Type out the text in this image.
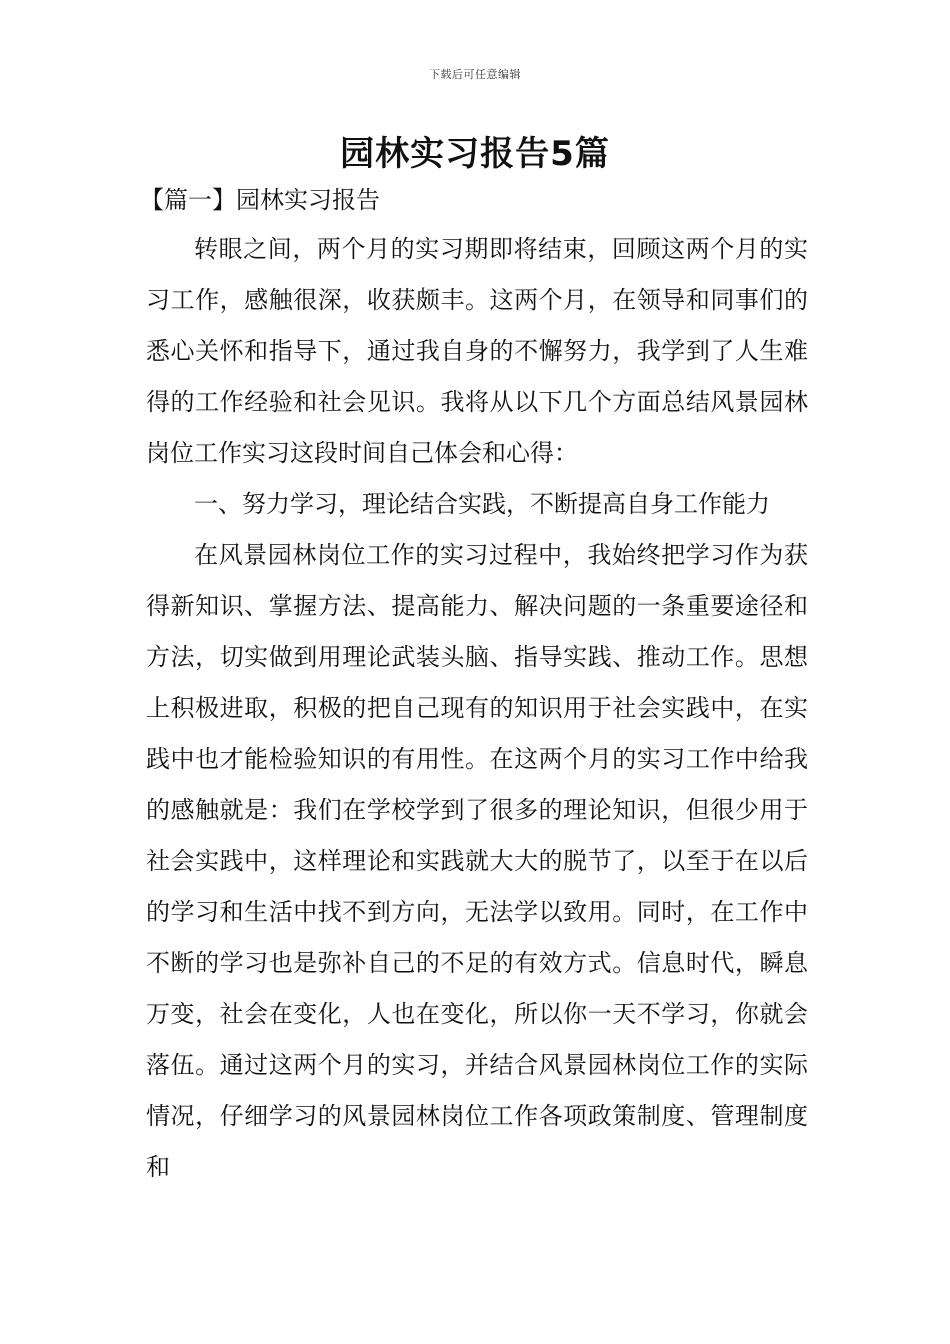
下载后可任意编辑
园林实习报告5篇
【篇一】园林实习报告

转眼之间，两个月的实习期即将结束，回顾这两个月的实习工作，感触很深，收获颇丰。这两个月，在领导和同事们的悉心关怀和指导下，通过我自身的不懈努力，我学到了人生难得的工作经验和社会见识。我将从以下几个方面总结风景园林岗位工作实习这段时间自己体会和心得：

一、努力学习，理论结合实践，不断提高自身工作能力

在风景园林岗位工作的实习过程中，我始终把学习作为获得新知识、掌握方法、提高能力、解决问题的一条重要途径和方法，切实做到用理论武装头脑、指导实践、推动工作。思想上积极进取，积极的把自己现有的知识用于社会实践中，在实践中也才能检验知识的有用性。在这两个月的实习工作中给我的感触就是：我们在学校学到了很多的理论知识，但很少用于社会实践中，这样理论和实践就大大的脱节了，以至于在以后的学习和生活中找不到方向，无法学以致用。同时，在工作中不断的学习也是弥补自己的不足的有效方式。信息时代，瞬息万变，社会在变化，人也在变化，所以你一天不学习，你就会落伍。通过这两个月的实习，并结合风景园林岗位工作的实际情况，仔细学习的风景园林岗位工作各项政策制度、管理制度和
